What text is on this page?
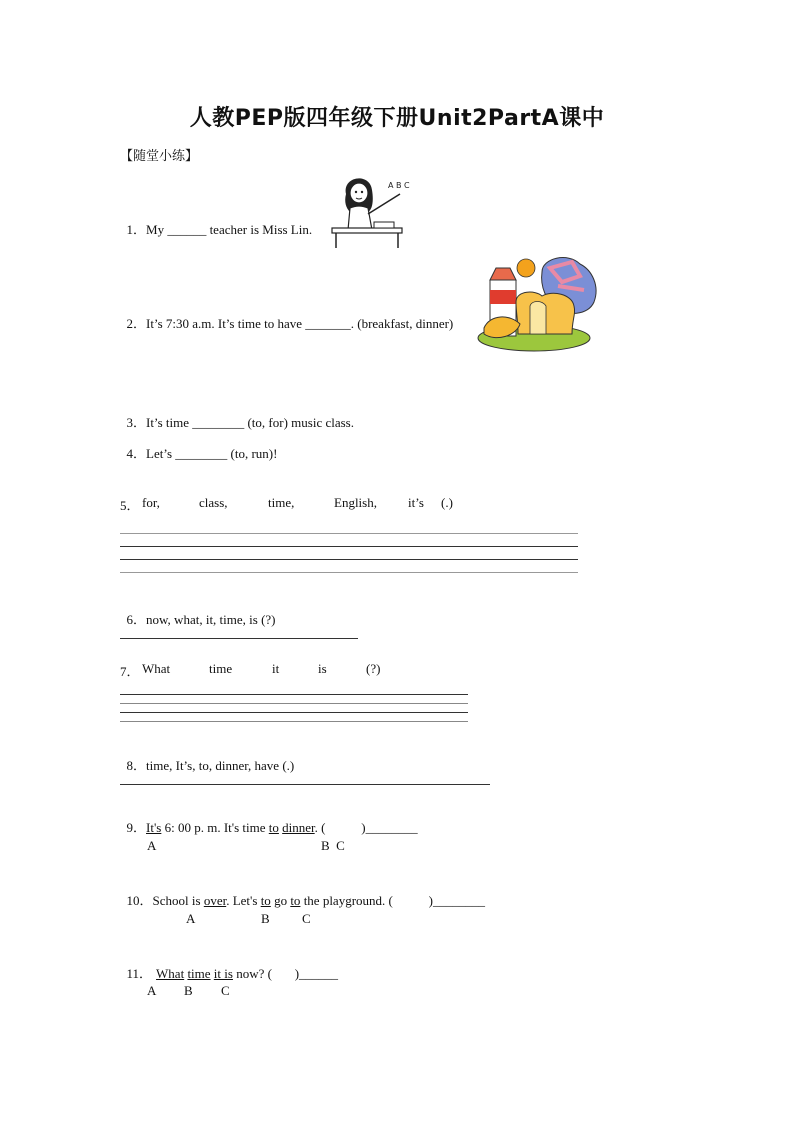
人教PEP版四年级下册Unit2PartA课中
【随堂小练】

1．My ______ teacher is Miss Lin.

A B C

2．It’s 7:30 a.m. It’s time to have _______. (breakfast, dinner)

3．It’s time ________ (to, for) music class.

4．Let’s ________ (to, run)!

5． for,	class,	time,	English, it’s (.)

6．now, what, it, time, is (?)

7． What	time	it	is	(?)

8．time, It’s, to, dinner, have (.)

9．It's 6: 00 p. m. It's time to dinner. (           )________

A	B  C

10．School is over. Let's to go to the playground. (           )________

A	B C

11． What time it is now? (       )______

A B C
